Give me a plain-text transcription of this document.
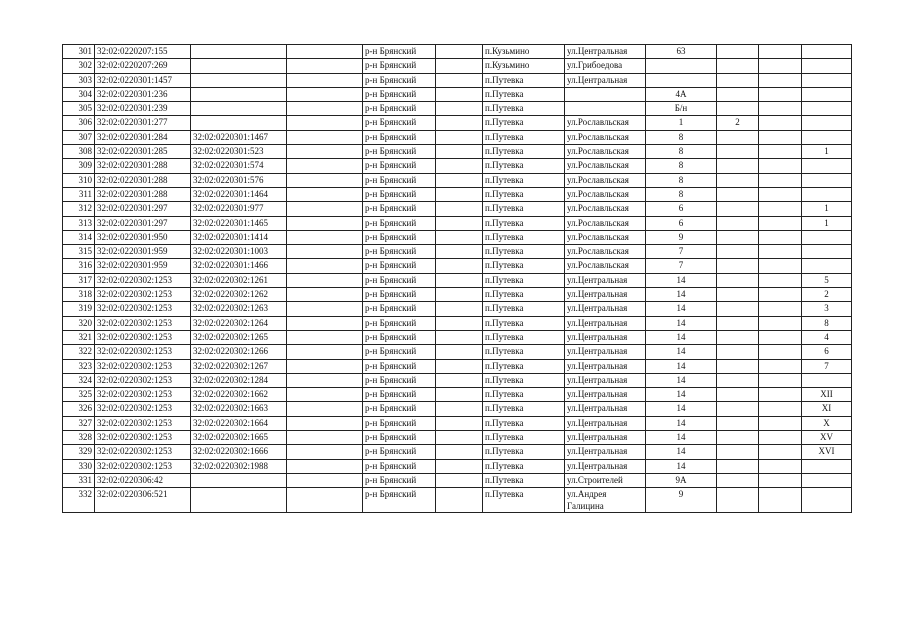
301	32:02:0220207:155			р-н Брянский		п.Кузьмино	ул.Центральная	63			
302	32:02:0220207:269			р-н Брянский		п.Кузьмино	ул.Грибоедова				
303	32:02:0220301:1457			р-н Брянский		п.Путевка	ул.Центральная				
304	32:02:0220301:236			р-н Брянский		п.Путевка		4А			
305	32:02:0220301:239			р-н Брянский		п.Путевка		Б/н			
306	32:02:0220301:277			р-н Брянский		п.Путевка	ул.Рославльская	1	2		
307	32:02:0220301:284	32:02:0220301:1467		р-н Брянский		п.Путевка	ул.Рославльская	8			
308	32:02:0220301:285	32:02:0220301:523		р-н Брянский		п.Путевка	ул.Рославльская	8			1
309	32:02:0220301:288	32:02:0220301:574		р-н Брянский		п.Путевка	ул.Рославльская	8			
310	32:02:0220301:288	32:02:0220301:576		р-н Брянский		п.Путевка	ул.Рославльская	8			
311	32:02:0220301:288	32:02:0220301:1464		р-н Брянский		п.Путевка	ул.Рославльская	8			
312	32:02:0220301:297	32:02:0220301:977		р-н Брянский		п.Путевка	ул.Рославльская	6			1
313	32:02:0220301:297	32:02:0220301:1465		р-н Брянский		п.Путевка	ул.Рославльская	6			1
314	32:02:0220301:950	32:02:0220301:1414		р-н Брянский		п.Путевка	ул.Рославльская	9			
315	32:02:0220301:959	32:02:0220301:1003		р-н Брянский		п.Путевка	ул.Рославльская	7			
316	32:02:0220301:959	32:02:0220301:1466		р-н Брянский		п.Путевка	ул.Рославльская	7			
317	32:02:0220302:1253	32:02:0220302:1261		р-н Брянский		п.Путевка	ул.Центральная	14			5
318	32:02:0220302:1253	32:02:0220302:1262		р-н Брянский		п.Путевка	ул.Центральная	14			2
319	32:02:0220302:1253	32:02:0220302:1263		р-н Брянский		п.Путевка	ул.Центральная	14			3
320	32:02:0220302:1253	32:02:0220302:1264		р-н Брянский		п.Путевка	ул.Центральная	14			8
321	32:02:0220302:1253	32:02:0220302:1265		р-н Брянский		п.Путевка	ул.Центральная	14			4
322	32:02:0220302:1253	32:02:0220302:1266		р-н Брянский		п.Путевка	ул.Центральная	14			6
323	32:02:0220302:1253	32:02:0220302:1267		р-н Брянский		п.Путевка	ул.Центральная	14			7
324	32:02:0220302:1253	32:02:0220302:1284		р-н Брянский		п.Путевка	ул.Центральная	14			
325	32:02:0220302:1253	32:02:0220302:1662		р-н Брянский		п.Путевка	ул.Центральная	14			XII
326	32:02:0220302:1253	32:02:0220302:1663		р-н Брянский		п.Путевка	ул.Центральная	14			XI
327	32:02:0220302:1253	32:02:0220302:1664		р-н Брянский		п.Путевка	ул.Центральная	14			X
328	32:02:0220302:1253	32:02:0220302:1665		р-н Брянский		п.Путевка	ул.Центральная	14			XV
329	32:02:0220302:1253	32:02:0220302:1666		р-н Брянский		п.Путевка	ул.Центральная	14			XVI
330	32:02:0220302:1253	32:02:0220302:1988		р-н Брянский		п.Путевка	ул.Центральная	14			
331	32:02:0220306:42			р-н Брянский		п.Путевка	ул.Строителей	9А			
332	32:02:0220306:521			р-н Брянский		п.Путевка	ул.Андрея Галицина	9			
